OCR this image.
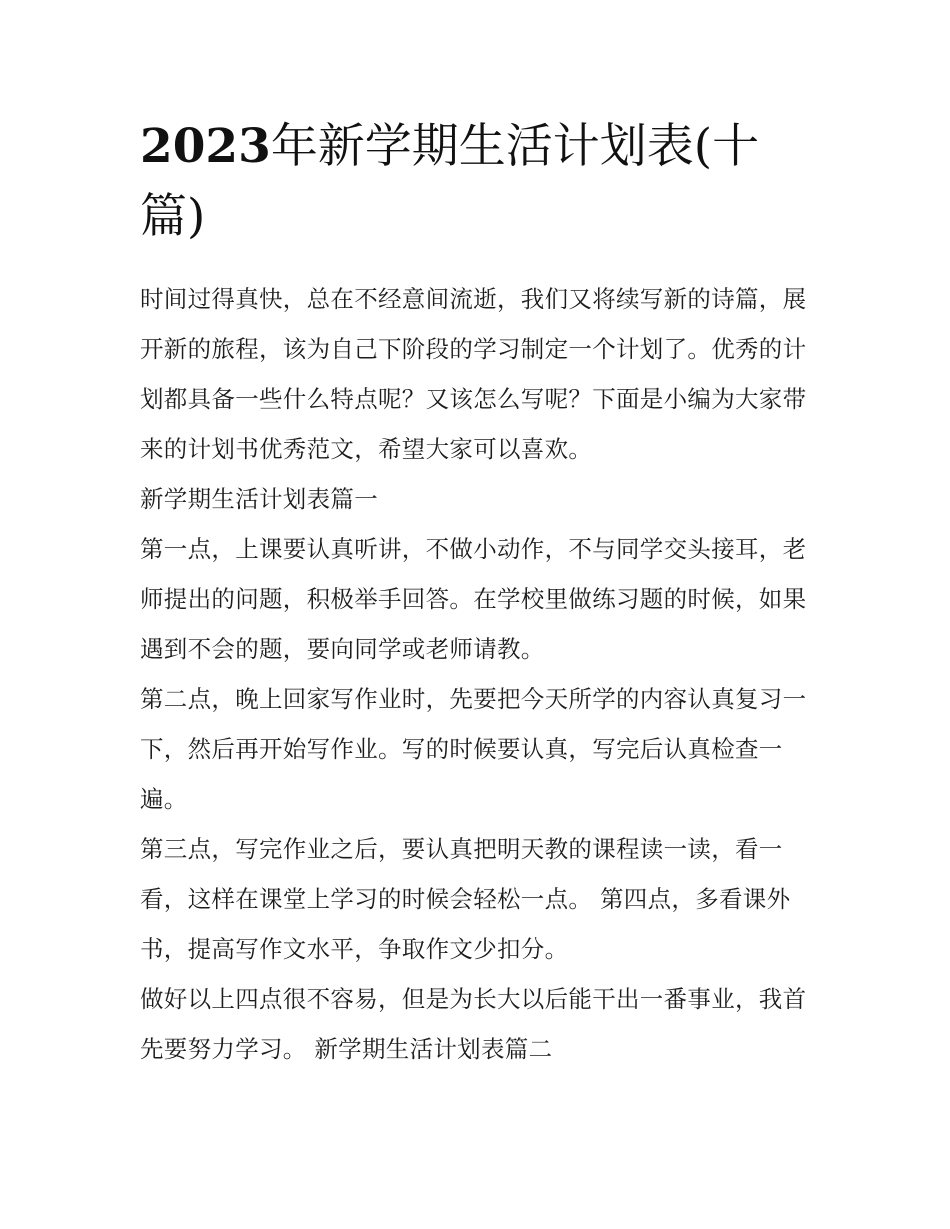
2023年新学期生活计划表(十篇)

时间过得真快，总在不经意间流逝，我们又将续写新的诗篇，展开新的旅程，该为自己下阶段的学习制定一个计划了。优秀的计划都具备一些什么特点呢？又该怎么写呢？下面是小编为大家带来的计划书优秀范文，希望大家可以喜欢。

新学期生活计划表篇一

第一点，上课要认真听讲，不做小动作，不与同学交头接耳，老师提出的问题，积极举手回答。在学校里做练习题的时候，如果遇到不会的题，要向同学或老师请教。

第二点，晚上回家写作业时，先要把今天所学的内容认真复习一下，然后再开始写作业。写的时候要认真，写完后认真检查一遍。

第三点，写完作业之后，要认真把明天教的课程读一读，看一看，这样在课堂上学习的时候会轻松一点。 第四点，多看课外书，提高写作文水平，争取作文少扣分。

做好以上四点很不容易，但是为长大以后能干出一番事业，我首先要努力学习。 新学期生活计划表篇二
